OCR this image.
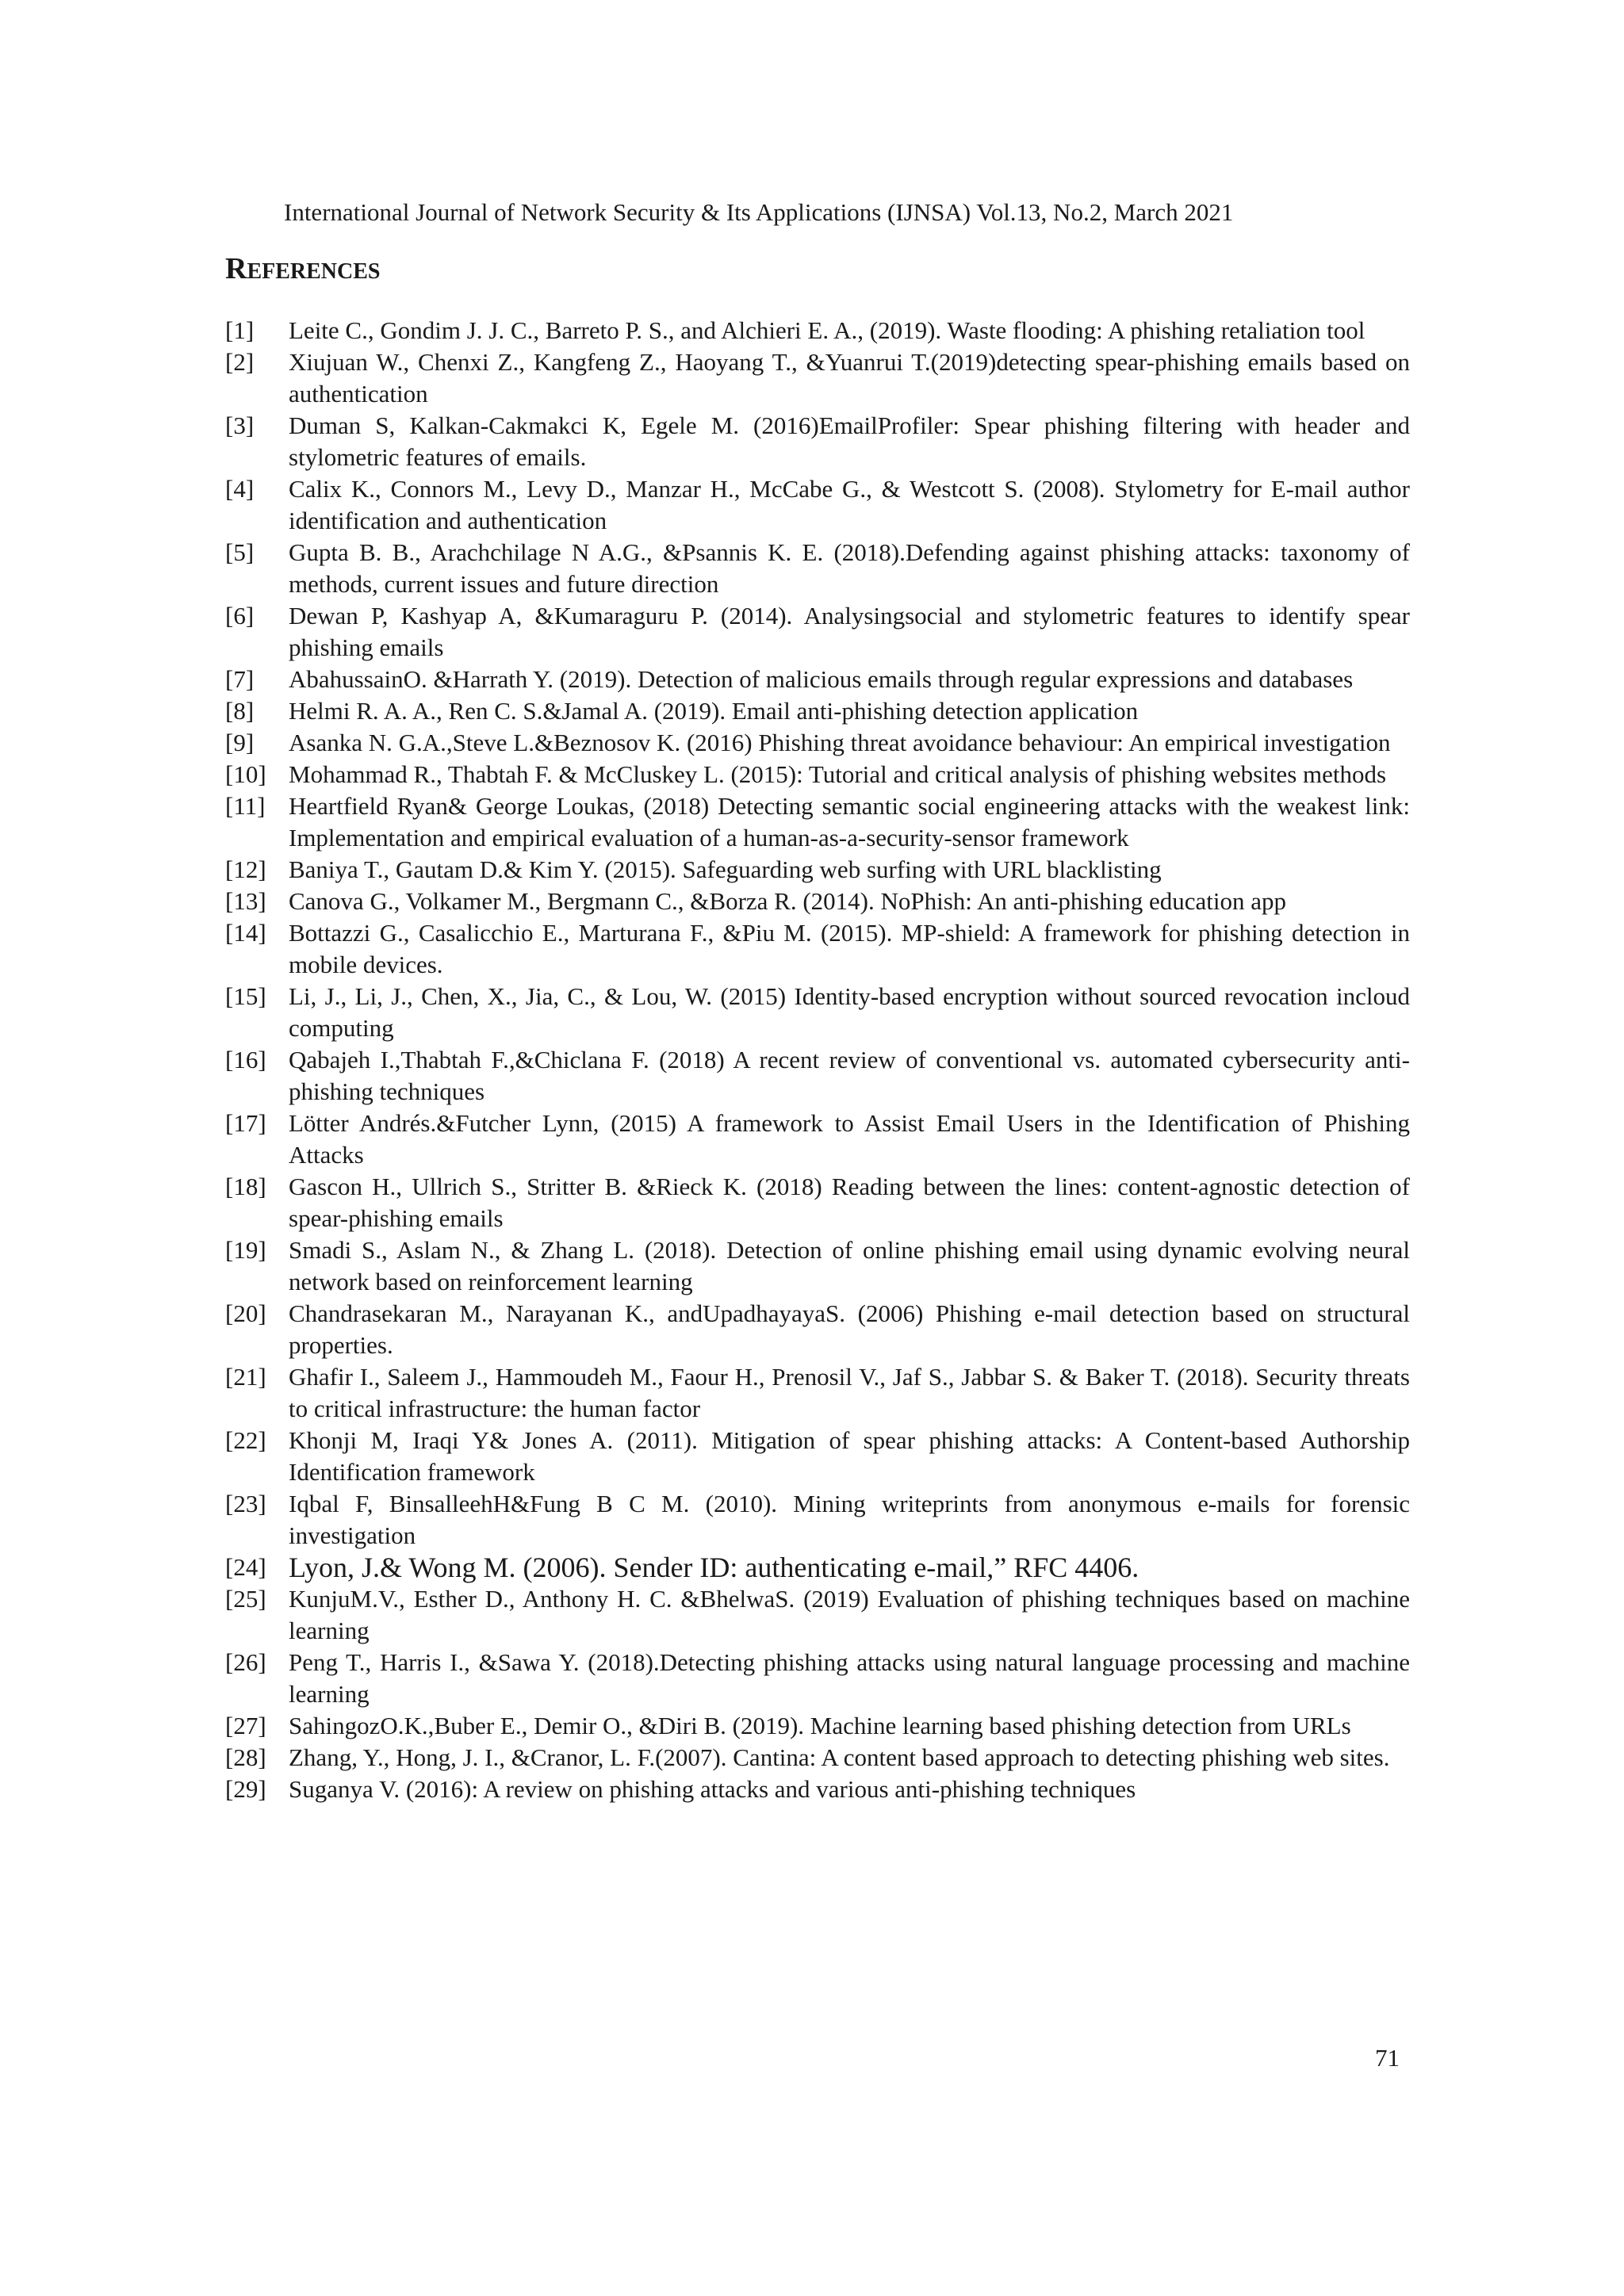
International Journal of Network Security & Its Applications (IJNSA) Vol.13, No.2, March 2021
REFERENCES
[1] Leite C., Gondim J. J. C., Barreto P. S., and Alchieri E. A., (2019). Waste flooding: A phishing retaliation tool
[2] Xiujuan W., Chenxi Z., Kangfeng Z., Haoyang T., &Yuanrui T.(2019)detecting spear-phishing emails based on authentication
[3] Duman S, Kalkan-Cakmakci K, Egele M. (2016)EmailProfiler: Spear phishing filtering with header and stylometric features of emails.
[4] Calix K., Connors M., Levy D., Manzar H., McCabe G., & Westcott S. (2008). Stylometry for E-mail author identification and authentication
[5] Gupta B. B., Arachchilage N A.G., &Psannis K. E. (2018).Defending against phishing attacks: taxonomy of methods, current issues and future direction
[6] Dewan P, Kashyap A, &Kumaraguru P. (2014). Analysingsocial and stylometric features to identify spear phishing emails
[7] AbahussainO. &Harrath Y. (2019). Detection of malicious emails through regular expressions and databases
[8] Helmi R. A. A., Ren C. S.&Jamal A. (2019). Email anti-phishing detection application
[9] Asanka N. G.A.,Steve L.&Beznosov K. (2016) Phishing threat avoidance behaviour: An empirical investigation
[10] Mohammad R., Thabtah F. & McCluskey L. (2015): Tutorial and critical analysis of phishing websites methods
[11] Heartfield Ryan& George Loukas, (2018) Detecting semantic social engineering attacks with the weakest link: Implementation and empirical evaluation of a human-as-a-security-sensor framework
[12] Baniya T., Gautam D.& Kim Y. (2015). Safeguarding web surfing with URL blacklisting
[13] Canova G., Volkamer M., Bergmann C., &Borza R. (2014). NoPhish: An anti-phishing education app
[14] Bottazzi G., Casalicchio E., Marturana F., &Piu M. (2015). MP-shield: A framework for phishing detection in mobile devices.
[15] Li, J., Li, J., Chen, X., Jia, C., & Lou, W. (2015) Identity-based encryption without sourced revocation incloud computing
[16] Qabajeh I.,Thabtah F.,&Chiclana F. (2018) A recent review of conventional vs. automated cybersecurity anti-phishing techniques
[17] Lötter Andrés.&Futcher Lynn, (2015) A framework to Assist Email Users in the Identification of Phishing Attacks
[18] Gascon H., Ullrich S., Stritter B. &Rieck K. (2018) Reading between the lines: content-agnostic detection of spear-phishing emails
[19] Smadi S., Aslam N., & Zhang L. (2018). Detection of online phishing email using dynamic evolving neural network based on reinforcement learning
[20] Chandrasekaran M., Narayanan K., andUpadhayayaS. (2006) Phishing e-mail detection based on structural properties.
[21] Ghafir I., Saleem J., Hammoudeh M., Faour H., Prenosil V., Jaf S., Jabbar S. & Baker T. (2018). Security threats to critical infrastructure: the human factor
[22] Khonji M, Iraqi Y& Jones A. (2011). Mitigation of spear phishing attacks: A Content-based Authorship Identification framework
[23] Iqbal F, BinsalleehH&Fung B C M. (2010). Mining writeprints from anonymous e-mails for forensic investigation
[24] Lyon, J.& Wong M. (2006). Sender ID: authenticating e-mail,” RFC 4406.
[25] KunjuM.V., Esther D., Anthony H. C. &BhelwaS. (2019) Evaluation of phishing techniques based on machine learning
[26] Peng T., Harris I., &Sawa Y. (2018).Detecting phishing attacks using natural language processing and machine learning
[27] SahingozO.K.,Buber E., Demir O., &Diri B. (2019). Machine learning based phishing detection from URLs
[28] Zhang, Y., Hong, J. I., &Cranor, L. F.(2007). Cantina: A content based approach to detecting phishing web sites.
[29] Suganya V. (2016): A review on phishing attacks and various anti-phishing techniques
71
